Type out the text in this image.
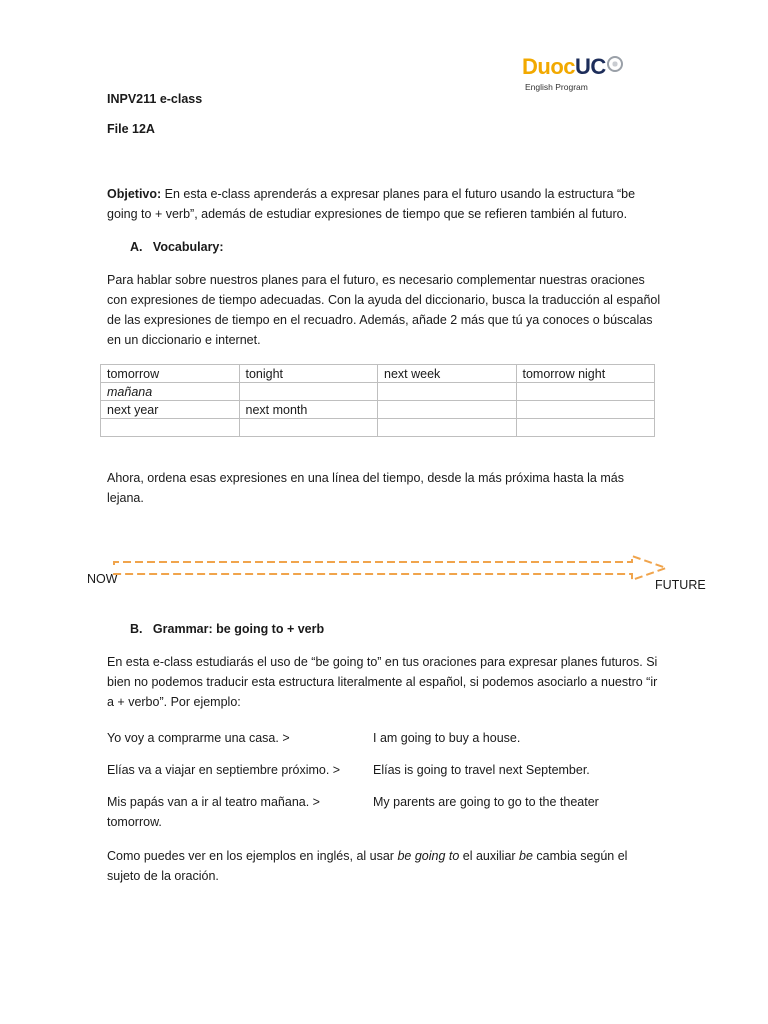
DuocUC
English Program

INPV211 e-class

File 12A

Objetivo: En esta e-class aprenderás a expresar planes para el futuro usando la estructura “be going to + verb”, además de estudiar expresiones de tiempo que se refieren también al futuro.

A.   Vocabulary:

Para hablar sobre nuestros planes para el futuro, es necesario complementar nuestras oraciones con expresiones de tiempo adecuadas. Con la ayuda del diccionario, busca la traducción al español de las expresiones de tiempo en el recuadro. Además, añade 2 más que tú ya conoces o búscalas en un diccionario e internet.

tomorrow	tonight	next week	tomorrow night
mañana			
next year	next month		

Ahora, ordena esas expresiones en una línea del tiempo, desde la más próxima hasta la más lejana.

NOW	FUTURE

B.   Grammar: be going to + verb

En esta e-class estudiarás el uso de “be going to” en tus oraciones para expresar planes futuros. Si bien no podemos traducir esta estructura literalmente al español, si podemos asociarlo a nuestro “ir a + verbo”. Por ejemplo:

Yo voy a comprarme una casa. >	I am going to buy a house.

Elías va a viajar en septiembre próximo. >	Elías is going to travel next September.

Mis papás van a ir al teatro mañana. >	My parents are going to go to the theater

tomorrow.

Como puedes ver en los ejemplos en inglés, al usar be going to el auxiliar be cambia según el sujeto de la oración.
